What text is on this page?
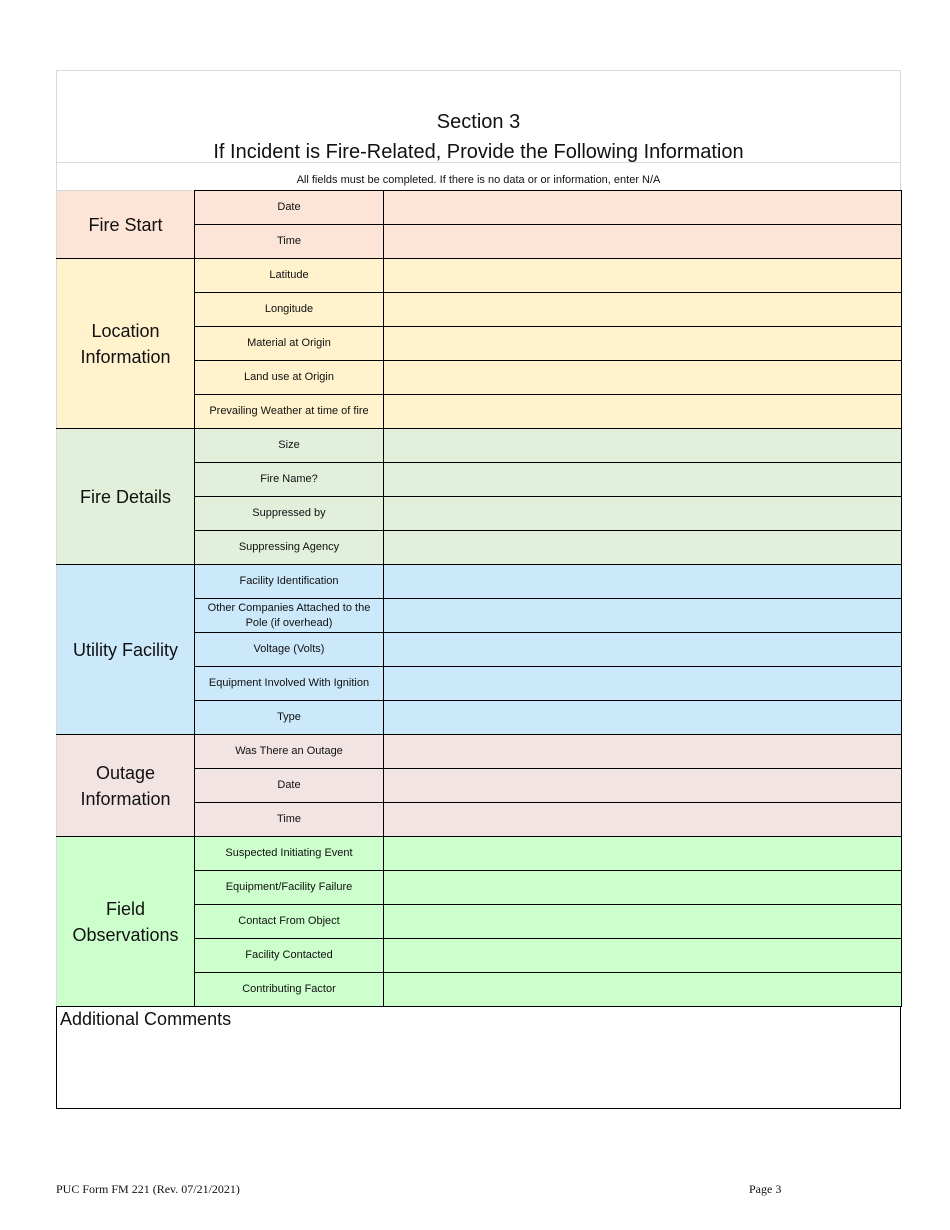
Section 3
If Incident is Fire-Related, Provide the Following Information
All fields must be completed. If there is no data or or information, enter N/A
Fire Start	Date	
	Time	
Location Information	Latitude	
	Longitude	
	Material at Origin	
	Land use at Origin	
	Prevailing Weather at time of fire	
Fire Details	Size	
	Fire Name?	
	Suppressed by	
	Suppressing Agency	
Utility Facility	Facility Identification	
	Other Companies Attached to the Pole (if overhead)	
	Voltage (Volts)	
	Equipment Involved With Ignition	
	Type	
Outage Information	Was There an Outage	
	Date	
	Time	
Field Observations	Suspected Initiating Event	
	Equipment/Facility Failure	
	Contact From Object	
	Facility Contacted	
	Contributing Factor	
Additional Comments
PUC Form FM 221 (Rev. 07/21/2021)	Page 3
